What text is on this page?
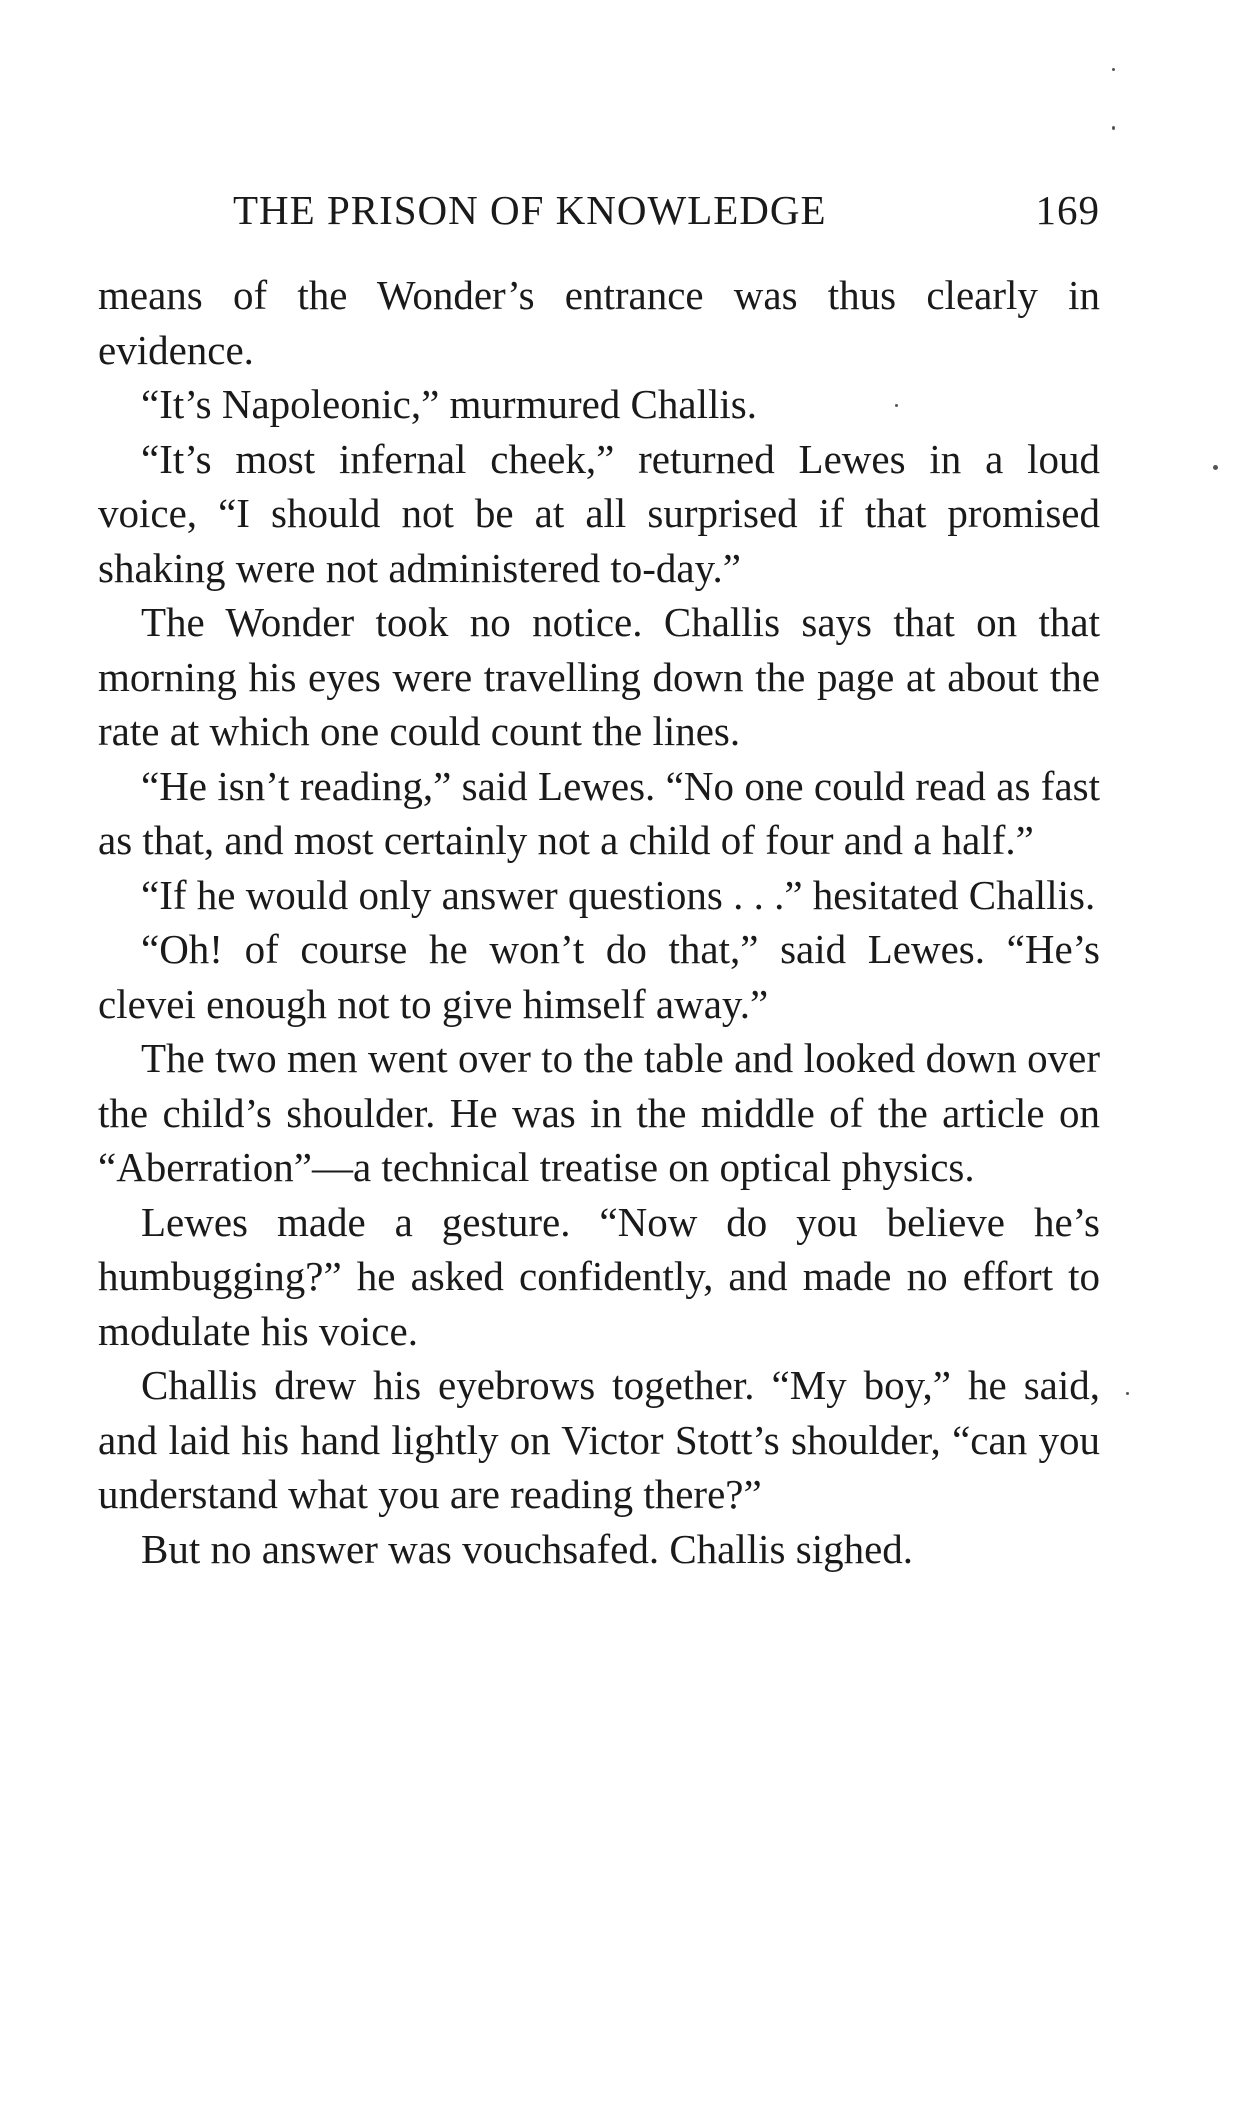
THE PRISON OF KNOWLEDGE	169

means of the Wonder’s entrance was thus clearly in evidence.

“It’s Napoleonic,” murmured Challis.

“It’s most infernal cheek,” returned Lewes in a loud voice, “I should not be at all surprised if that promised shaking were not administered to-day.”

The Wonder took no notice. Challis says that on that morning his eyes were travelling down the page at about the rate at which one could count the lines.

“He isn’t reading,” said Lewes. “No one could read as fast as that, and most certainly not a child of four and a half.”

“If he would only answer questions . . .” hesitated Challis.

“Oh! of course he won’t do that,” said Lewes. “He’s clevei enough not to give himself away.”

The two men went over to the table and looked down over the child’s shoulder. He was in the middle of the article on “Aberration”—a technical treatise on optical physics.

Lewes made a gesture. “Now do you believe he’s humbugging?” he asked confidently, and made no effort to modulate his voice.

Challis drew his eyebrows together. “My boy,” he said, and laid his hand lightly on Victor Stott’s shoulder, “can you understand what you are reading there?”

But no answer was vouchsafed. Challis sighed.
